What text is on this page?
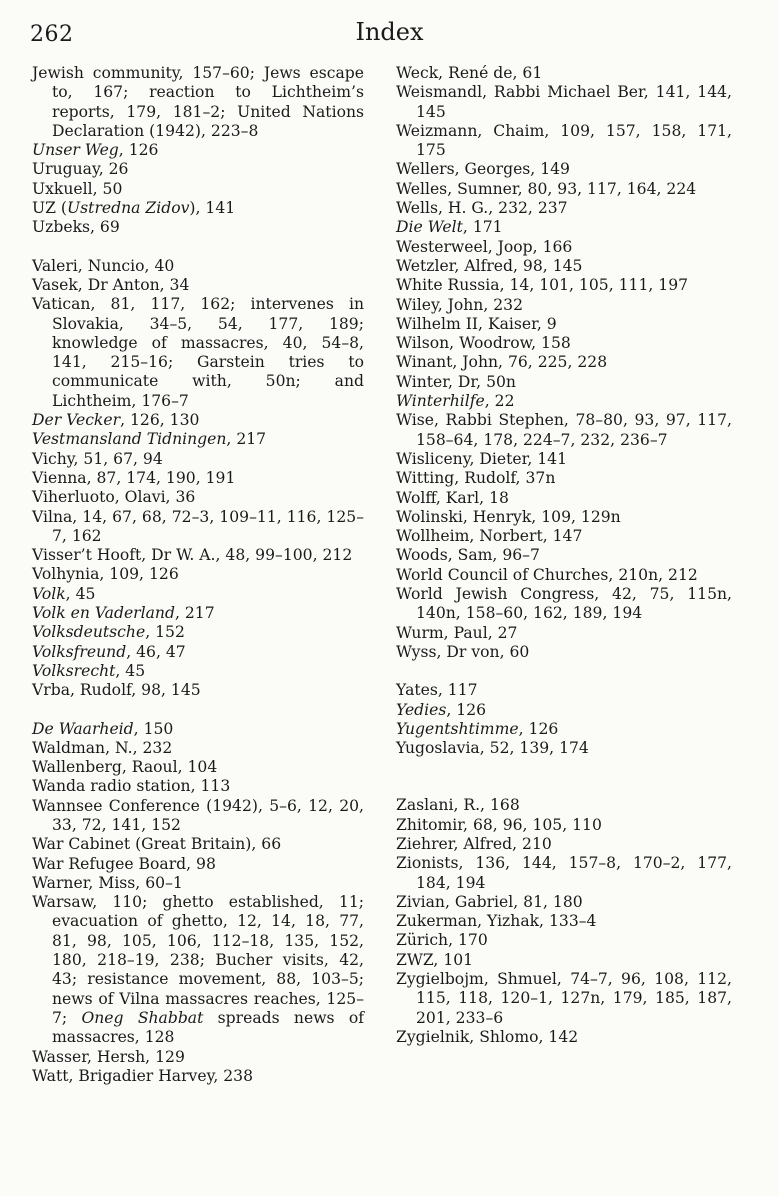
262	Index
Jewish community, 157–60; Jews escape to, 167; reaction to Lichtheim’s reports, 179, 181–2; United Nations Declaration (1942), 223–8
Unser Weg, 126
Uruguay, 26
Uxkuell, 50
UZ (Ustredna Zidov), 141
Uzbeks, 69
Valeri, Nuncio, 40
Vasek, Dr Anton, 34
Vatican, 81, 117, 162; intervenes in Slovakia, 34–5, 54, 177, 189; knowledge of massacres, 40, 54–8, 141, 215–16; Garstein tries to communicate with, 50n; and Lichtheim, 176–7
Der Vecker, 126, 130
Vestmansland Tidningen, 217
Vichy, 51, 67, 94
Vienna, 87, 174, 190, 191
Viherluoto, Olavi, 36
Vilna, 14, 67, 68, 72–3, 109–11, 116, 125–7, 162
Visser’t Hooft, Dr W. A., 48, 99–100, 212
Volhynia, 109, 126
Volk, 45
Volk en Vaderland, 217
Volksdeutsche, 152
Volksfreund, 46, 47
Volksrecht, 45
Vrba, Rudolf, 98, 145
De Waarheid, 150
Waldman, N., 232
Wallenberg, Raoul, 104
Wanda radio station, 113
Wannsee Conference (1942), 5–6, 12, 20, 33, 72, 141, 152
War Cabinet (Great Britain), 66
War Refugee Board, 98
Warner, Miss, 60–1
Warsaw, 110; ghetto established, 11; evacuation of ghetto, 12, 14, 18, 77, 81, 98, 105, 106, 112–18, 135, 152, 180, 218–19, 238; Bucher visits, 42, 43; resistance movement, 88, 103–5; news of Vilna massacres reaches, 125–7; Oneg Shabbat spreads news of massacres, 128
Wasser, Hersh, 129
Watt, Brigadier Harvey, 238
Weck, René de, 61
Weismandl, Rabbi Michael Ber, 141, 144, 145
Weizmann, Chaim, 109, 157, 158, 171, 175
Wellers, Georges, 149
Welles, Sumner, 80, 93, 117, 164, 224
Wells, H. G., 232, 237
Die Welt, 171
Westerweel, Joop, 166
Wetzler, Alfred, 98, 145
White Russia, 14, 101, 105, 111, 197
Wiley, John, 232
Wilhelm II, Kaiser, 9
Wilson, Woodrow, 158
Winant, John, 76, 225, 228
Winter, Dr, 50n
Winterhilfe, 22
Wise, Rabbi Stephen, 78–80, 93, 97, 117, 158–64, 178, 224–7, 232, 236–7
Wisliceny, Dieter, 141
Witting, Rudolf, 37n
Wolff, Karl, 18
Wolinski, Henryk, 109, 129n
Wollheim, Norbert, 147
Woods, Sam, 96–7
World Council of Churches, 210n, 212
World Jewish Congress, 42, 75, 115n, 140n, 158–60, 162, 189, 194
Wurm, Paul, 27
Wyss, Dr von, 60
Yates, 117
Yedies, 126
Yugentshtimme, 126
Yugoslavia, 52, 139, 174
Zaslani, R., 168
Zhitomir, 68, 96, 105, 110
Ziehrer, Alfred, 210
Zionists, 136, 144, 157–8, 170–2, 177, 184, 194
Zivian, Gabriel, 81, 180
Zukerman, Yizhak, 133–4
Zürich, 170
ZWZ, 101
Zygielbojm, Shmuel, 74–7, 96, 108, 112, 115, 118, 120–1, 127n, 179, 185, 187, 201, 233–6
Zygielnik, Shlomo, 142
